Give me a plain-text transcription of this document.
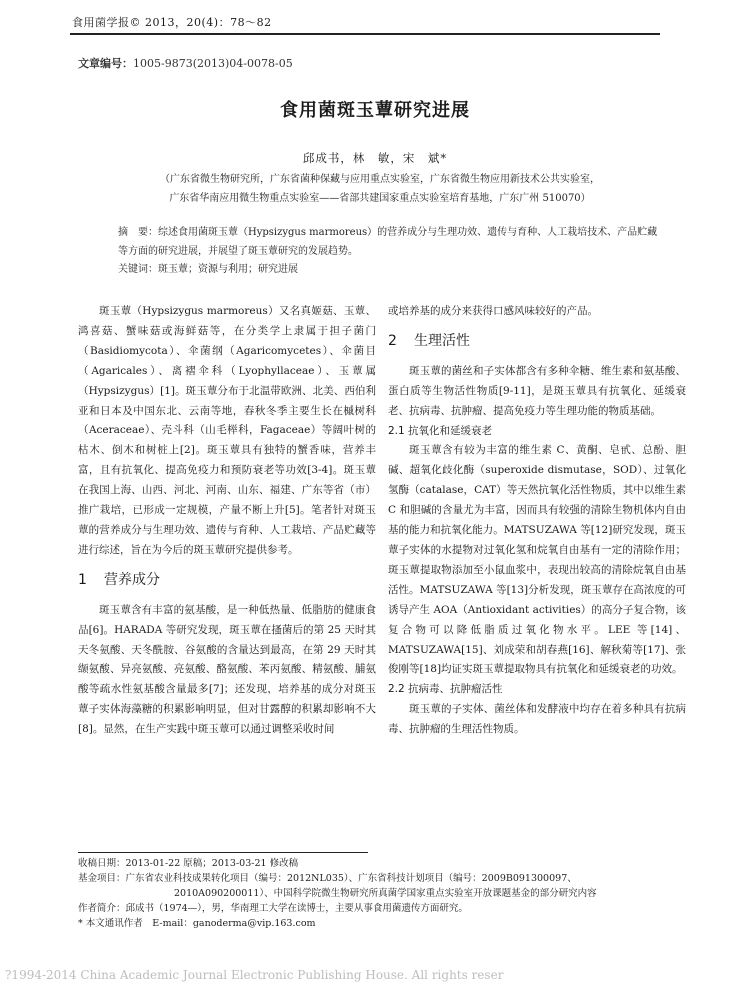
食用菌学报© 2013，20(4)：78～82
文章编号：1005-9873(2013)04-0078-05
食用菌斑玉蕈研究进展
邱成书，林　敏，宋　斌*
（广东省微生物研究所，广东省菌种保藏与应用重点实验室，广东省微生物应用新技术公共实验室，
广东省华南应用微生物重点实验室——省部共建国家重点实验室培育基地，广东广州 510070）
摘　要：综述食用菌斑玉蕈（Hypsizygus marmoreus）的营养成分与生理功效、遗传与育种、人工栽培技术、产品贮藏等方面的研究进展，并展望了斑玉蕈研究的发展趋势。
关键词：斑玉蕈；资源与利用；研究进展

斑玉蕈（Hypsizygus marmoreus）又名真姬菇、玉蕈、鸿喜菇、蟹味菇或海鲜菇等，在分类学上隶属于担子菌门（Basidiomycota）、伞菌纲（Agaricomycetes）、伞菌目（Agaricales）、离褶伞科（Lyophyllaceae）、玉蕈属（Hypsizygus）[1]。斑玉蕈分布于北温带欧洲、北美、西伯利亚和日本及中国东北、云南等地，春秋冬季主要生长在槭树科（Aceraceae）、壳斗科（山毛榉科，Fagaceae）等阔叶树的枯木、倒木和树桩上[2]。斑玉蕈具有独特的蟹香味，营养丰富，且有抗氧化、提高免疫力和预防衰老等功效[3-4]。斑玉蕈在我国上海、山西、河北、河南、山东、福建、广东等省（市）推广栽培，已形成一定规模，产量不断上升[5]。笔者针对斑玉蕈的营养成分与生理功效、遗传与育种、人工栽培、产品贮藏等进行综述，旨在为今后的斑玉蕈研究提供参考。

1 营养成分

斑玉蕈含有丰富的氨基酸，是一种低热量、低脂肪的健康食品[6]。HARADA 等研究发现，斑玉蕈在搔菌后的第 25 天时其天冬氨酸、天冬酰胺、谷氨酸的含量达到最高，在第 29 天时其缬氨酸、异亮氨酸、亮氨酸、酪氨酸、苯丙氨酸、精氨酸、脯氨酸等疏水性氨基酸含量最多[7]；还发现，培养基的成分对斑玉蕈子实体海藻糖的积累影响明显，但对甘露醇的积累却影响不大[8]。显然，在生产实践中斑玉蕈可以通过调整采收时间

或培养基的成分来获得口感风味较好的产品。

2 生理活性

斑玉蕈的菌丝和子实体都含有多种伞糖、维生素和氨基酸、蛋白质等生物活性物质[9-11]，是斑玉蕈具有抗氧化、延缓衰老、抗病毒、抗肿瘤、提高免疫力等生理功能的物质基础。

2.1 抗氧化和延缓衰老

斑玉蕈含有较为丰富的维生素 C、黄酮、皂甙、总酚、胆碱、超氧化歧化酶（superoxide dismutase，SOD）、过氧化氢酶（catalase，CAT）等天然抗氧化活性物质，其中以维生素 C 和胆碱的含量尤为丰富，因而具有较强的清除生物机体内自由基的能力和抗氧化能力。MATSUZAWA 等[12]研究发现，斑玉蕈子实体的水提物对过氧化氢和烷氧自由基有一定的清除作用；斑玉蕈提取物添加至小鼠血浆中，表现出较高的清除烷氧自由基活性。MATSUZAWA 等[13]分析发现，斑玉蕈存在高浓度的可诱导产生 AOA（Antioxidant activities）的高分子复合物，该复合物可以降低脂质过氧化物水平。LEE 等[14]、MATSUZAWA[15]、刘成荣和胡春燕[16]、解秋菊等[17]、张俊刚等[18]均证实斑玉蕈提取物具有抗氧化和延缓衰老的功效。

2.2 抗病毒、抗肿瘤活性

斑玉蕈的子实体、菌丝体和发酵液中均存在着多种具有抗病毒、抗肿瘤的生理活性物质。

收稿日期：2013-01-22 原稿；2013-03-21 修改稿
基金项目：广东省农业科技成果转化项目（编号：2012NL035）、广东省科技计划项目（编号：2009B091300097、
2010A090200011）、中国科学院微生物研究所真菌学国家重点实验室开放课题基金的部分研究内容
作者简介：邱成书（1974—），男，华南理工大学在读博士，主要从事食用菌遗传方面研究。
* 本文通讯作者　E-mail：ganoderma@vip.163.com
?1994-2014 China Academic Journal Electronic Publishing House. All rights reser
